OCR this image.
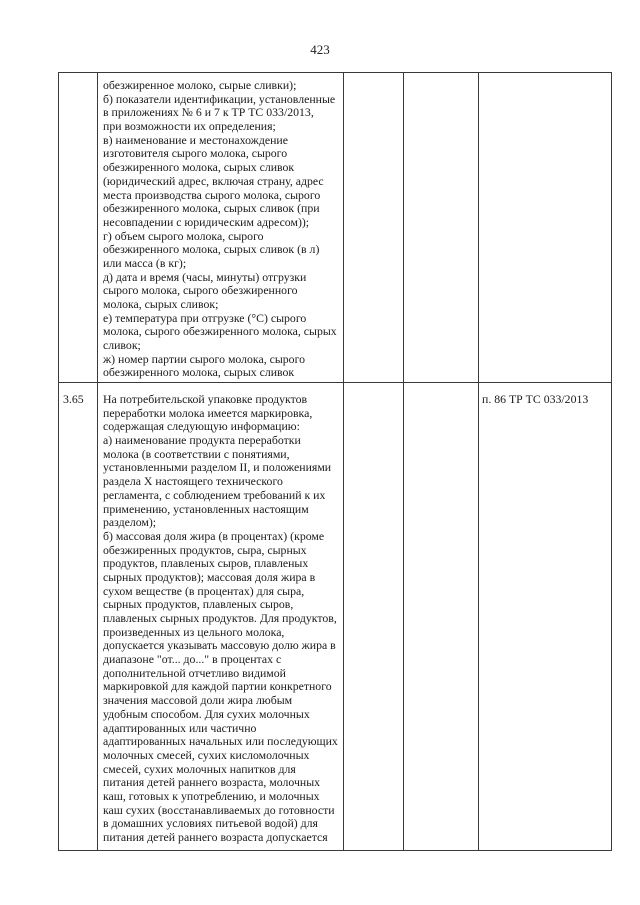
423
обезжиренное молоко, сырые сливки);
б) показатели идентификации, установленные
в приложениях № 6 и 7 к ТР ТС 033/2013,
при возможности их определения;
в) наименование и местонахождение
изготовителя сырого молока, сырого
обезжиренного молока, сырых сливок
(юридический адрес, включая страну, адрес
места производства сырого молока, сырого
обезжиренного молока, сырых сливок (при
несовпадении с юридическим адресом));
г) объем сырого молока, сырого
обезжиренного молока, сырых сливок (в л)
или масса (в кг);
д) дата и время (часы, минуты) отгрузки
сырого молока, сырого обезжиренного
молока, сырых сливок;
е) температура при отгрузке (°С) сырого
молока, сырого обезжиренного молока, сырых
сливок;
ж) номер партии сырого молока, сырого
обезжиренного молока, сырых сливок
3.65	На потребительской упаковке продуктов
переработки молока имеется маркировка,
содержащая следующую информацию:
а) наименование продукта переработки
молока (в соответствии с понятиями,
установленными разделом II, и положениями
раздела X настоящего технического
регламента, с соблюдением требований к их
применению, установленных настоящим
разделом);
б) массовая доля жира (в процентах) (кроме
обезжиренных продуктов, сыра, сырных
продуктов, плавленых сыров, плавленых
сырных продуктов); массовая доля жира в
сухом веществе (в процентах) для сыра,
сырных продуктов, плавленых сыров,
плавленых сырных продуктов. Для продуктов,
произведенных из цельного молока,
допускается указывать массовую долю жира в
диапазоне "от... до..." в процентах с
дополнительной отчетливо видимой
маркировкой для каждой партии конкретного
значения массовой доли жира любым
удобным способом. Для сухих молочных
адаптированных или частично
адаптированных начальных или последующих
молочных смесей, сухих кисломолочных
смесей, сухих молочных напитков для
питания детей раннего возраста, молочных
каш, готовых к употреблению, и молочных
каш сухих (восстанавливаемых до готовности
в домашних условиях питьевой водой) для
питания детей раннего возраста допускается
п. 86 ТР ТС 033/2013
